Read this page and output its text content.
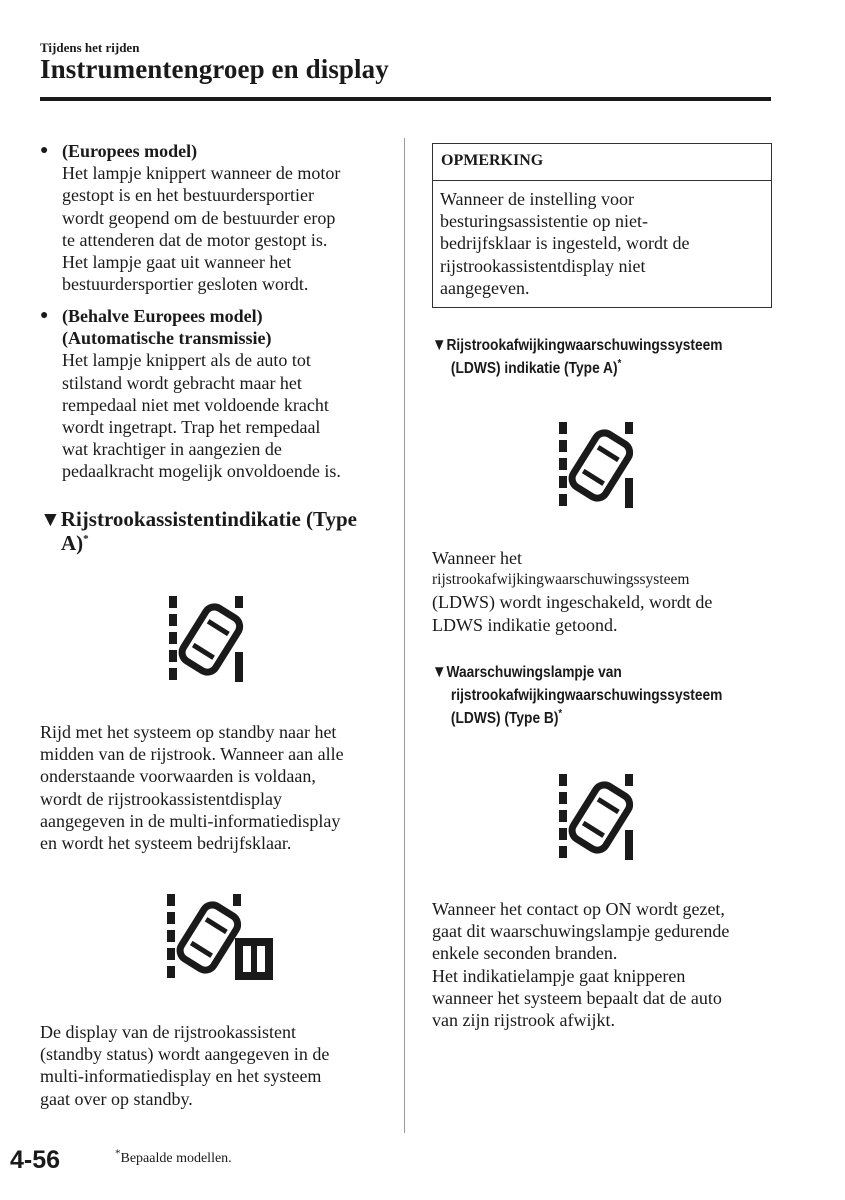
Tijdens het rijden
Instrumentengroep en display
● (Europees model)
Het lampje knippert wanneer de motor
gestopt is en het bestuurdersportier
wordt geopend om de bestuurder erop
te attenderen dat de motor gestopt is.
Het lampje gaat uit wanneer het
bestuurdersportier gesloten wordt.
● (Behalve Europees model)
(Automatische transmissie)
Het lampje knippert als de auto tot
stilstand wordt gebracht maar het
rempedaal niet met voldoende kracht
wordt ingetrapt. Trap het rempedaal
wat krachtiger in aangezien de
pedaalkracht mogelijk onvoldoende is.
▼Rijstrookassistentindikatie (Type
A)*
Rijd met het systeem op standby naar het
midden van de rijstrook. Wanneer aan alle
onderstaande voorwaarden is voldaan,
wordt de rijstrookassistentdisplay
aangegeven in de multi-informatiedisplay
en wordt het systeem bedrijfsklaar.
De display van de rijstrookassistent
(standby status) wordt aangegeven in de
multi-informatiedisplay en het systeem
gaat over op standby.
OPMERKING
Wanneer de instelling voor
besturingsassistentie op niet-
bedrijfsklaar is ingesteld, wordt de
rijstrookassistentdisplay niet
aangegeven.
▼Rijstrookafwijkingwaarschuwingssysteem
(LDWS) indikatie (Type A)*
Wanneer het
rijstrookafwijkingwaarschuwingssysteem
(LDWS) wordt ingeschakeld, wordt de
LDWS indikatie getoond.
▼Waarschuwingslampje van
rijstrookafwijkingwaarschuwingssysteem
(LDWS) (Type B)*
Wanneer het contact op ON wordt gezet,
gaat dit waarschuwingslampje gedurende
enkele seconden branden.
Het indikatielampje gaat knipperen
wanneer het systeem bepaalt dat de auto
van zijn rijstrook afwijkt.
4-56	*Bepaalde modellen.
